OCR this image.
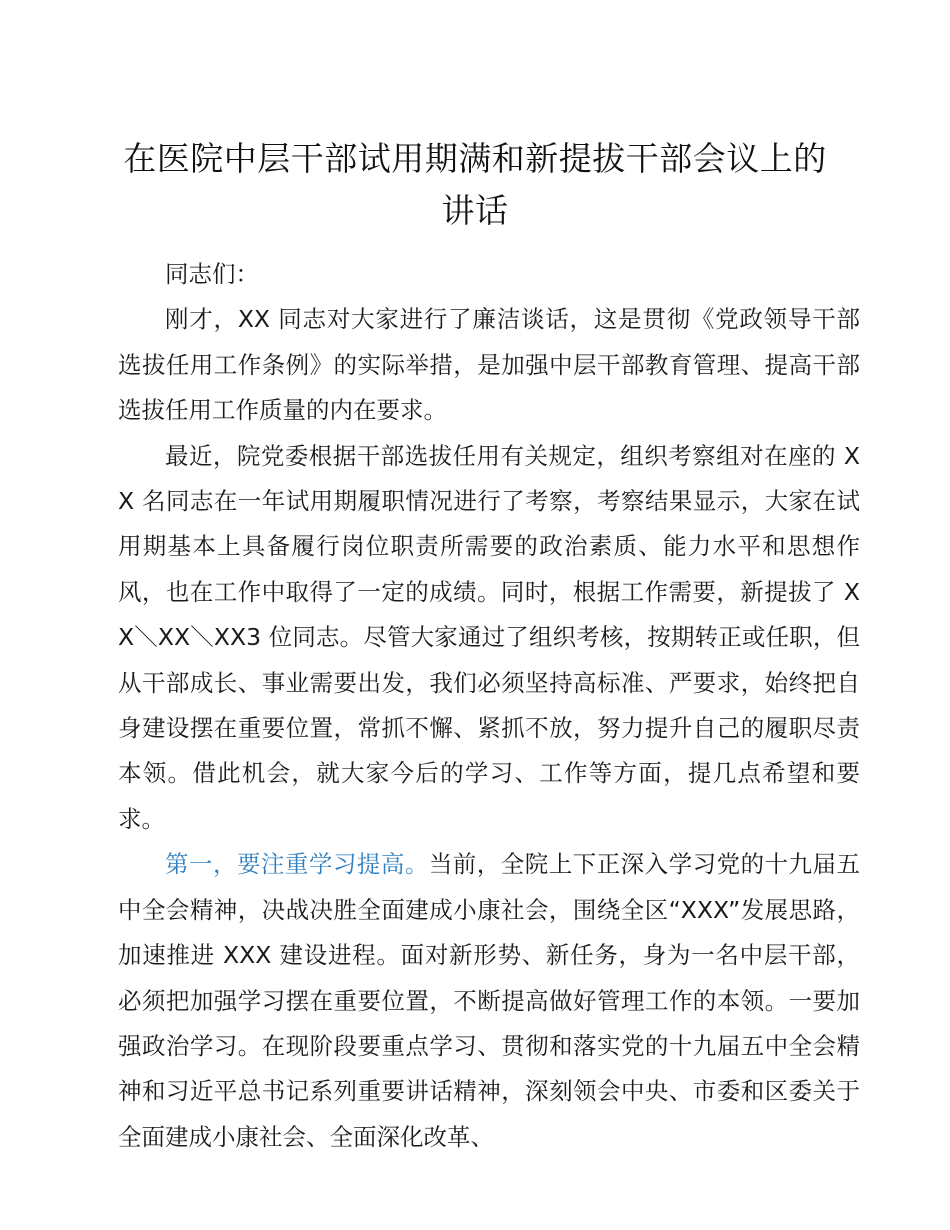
在医院中层干部试用期满和新提拔干部会议上的讲话

同志们：

刚才，XX 同志对大家进行了廉洁谈话，这是贯彻《党政领导干部选拔任用工作条例》的实际举措，是加强中层干部教育管理、提高干部选拔任用工作质量的内在要求。

最近，院党委根据干部选拔任用有关规定，组织考察组对在座的 XX 名同志在一年试用期履职情况进行了考察，考察结果显示，大家在试用期基本上具备履行岗位职责所需要的政治素质、能力水平和思想作风，也在工作中取得了一定的成绩。同时，根据工作需要，新提拔了 XX＼XX＼XX3 位同志。尽管大家通过了组织考核，按期转正或任职，但从干部成长、事业需要出发，我们必须坚持高标准、严要求，始终把自身建设摆在重要位置，常抓不懈、紧抓不放，努力提升自己的履职尽责本领。借此机会，就大家今后的学习、工作等方面，提几点希望和要求。

第一，要注重学习提高。当前，全院上下正深入学习党的十九届五中全会精神，决战决胜全面建成小康社会，围绕全区“XXX”发展思路，加速推进 XXX 建设进程。面对新形势、新任务，身为一名中层干部，必须把加强学习摆在重要位置，不断提高做好管理工作的本领。一要加强政治学习。在现阶段要重点学习、贯彻和落实党的十九届五中全会精神和习近平总书记系列重要讲话精神，深刻领会中央、市委和区委关于全面建成小康社会、全面深化改革、
